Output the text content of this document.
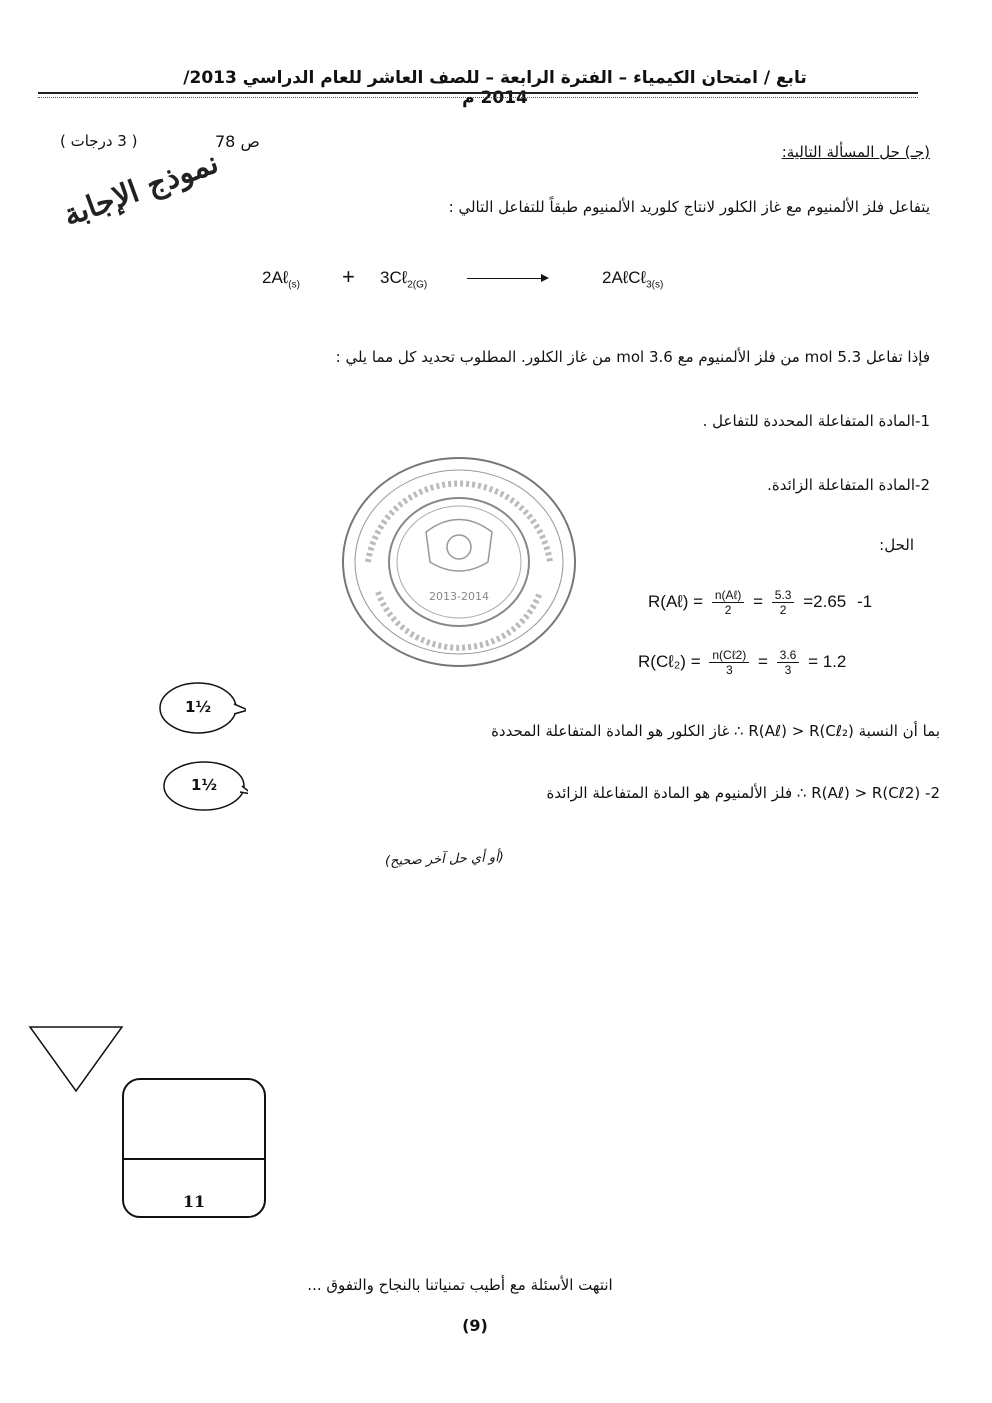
تابع / امتحان الكيمياء – الفترة الرابعة – للصف العاشر للعام الدراسي 2013/ 2014 م
( 3 درجات )	ص 78
(جـ) حل المسألة التالية:
نموذج الإجابة	يتفاعل فلز الألمنيوم مع غاز الكلور لانتاج كلوريد الألمنيوم طبقاً للتفاعل التالي :
2Aℓ$_{(s)}$ + 3Cℓ$_{2(G)}$	2AℓCℓ$_{3(s)}$
فإذا تفاعل 5.3 mol من فلز الألمنيوم مع 3.6 mol من غاز الكلور. المطلوب تحديد كل مما يلي :
1-المادة المتفاعلة المحددة للتفاعل .
2-المادة المتفاعلة الزائدة.
الحل:
2013-2014	R(Aℓ) = $\frac{\text{n(Aℓ)}}{2} = \frac{5.3}{2} =2.65$ -1
R(Cℓ₂) = $\frac{\text{n(Cℓ2)}}{3} = \frac{3.6}{3} = 1.2$
1½
1½
بما أن النسبة R(Aℓ) > R(Cℓ₂) ∴ غاز الكلور هو المادة المتفاعلة المحددة
R(Aℓ) > R(Cℓ2) -2 ∴ فلز الألمنيوم هو المادة المتفاعلة الزائدة
(أو أي حل آخر صحيح)
11
انتهت الأسئلة مع أطيب تمنياتنا بالنجاح والتفوق ...
(9)
